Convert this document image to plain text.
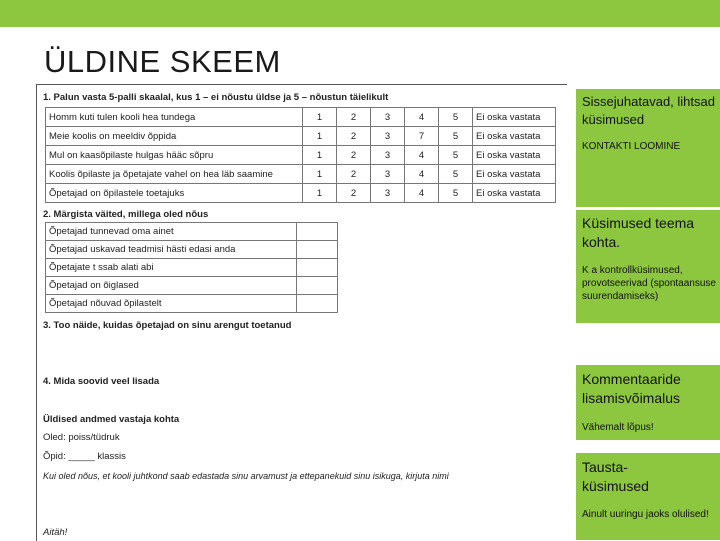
ÜLDINE SKEEM
1. Palun vasta 5-palli skaalal, kus 1 – ei nõustu üldse ja 5 – nõustun täielikult
Homm kuti tulen kooli hea tundega	1	2	3	4	5	Ei oska vastata
Meie koolis on meeldiv õppida	1	2	3	7	5	Ei oska vastata
Mul on kaasõpilaste hulgas hääc sõpru	1	2	3	4	5	Ei oska vastata
Koolis õpilaste ja õpetajate vahel on hea läb saamine	1	2	3	4	5	Ei oska vastata
Õpetajad on õpilastele toetajuks	1	2	3	4	5	Ei oska vastata
2. Märgista väited, millega oled nõus
Õpetajad tunnevad oma ainet	
Õpetajad uskavad teadmisi hästi edasi anda	
Õpetajate t ssab alati abi	
Õpetajad on õiglased	
Õpetajad nõuvad õpilastelt	
3. Too näide, kuidas õpetajad on sinu arengut toetanud
4. Mida soovid veel lisada
Üldised andmed vastaja kohta
Oled: poiss/tüdruk
Õpid: _____ klassis
Kui oled nõus, et kooli juhtkond saab edastada sinu arvamust ja ettepanekuid sinu isikuga, kirjuta nimi
Aitäh!
Sissejuhatavad, lihtsad küsimused
KONTAKTI LOOMINE
Küsimused teema kohta.
K a kontrollküsimused, provotseerivad (spontaansuse suurendamiseks)
Kommentaaride lisamisvõimalus
Vähemalt lõpus!
Tausta-küsimused
Ainult uuringu jaoks olulised!
